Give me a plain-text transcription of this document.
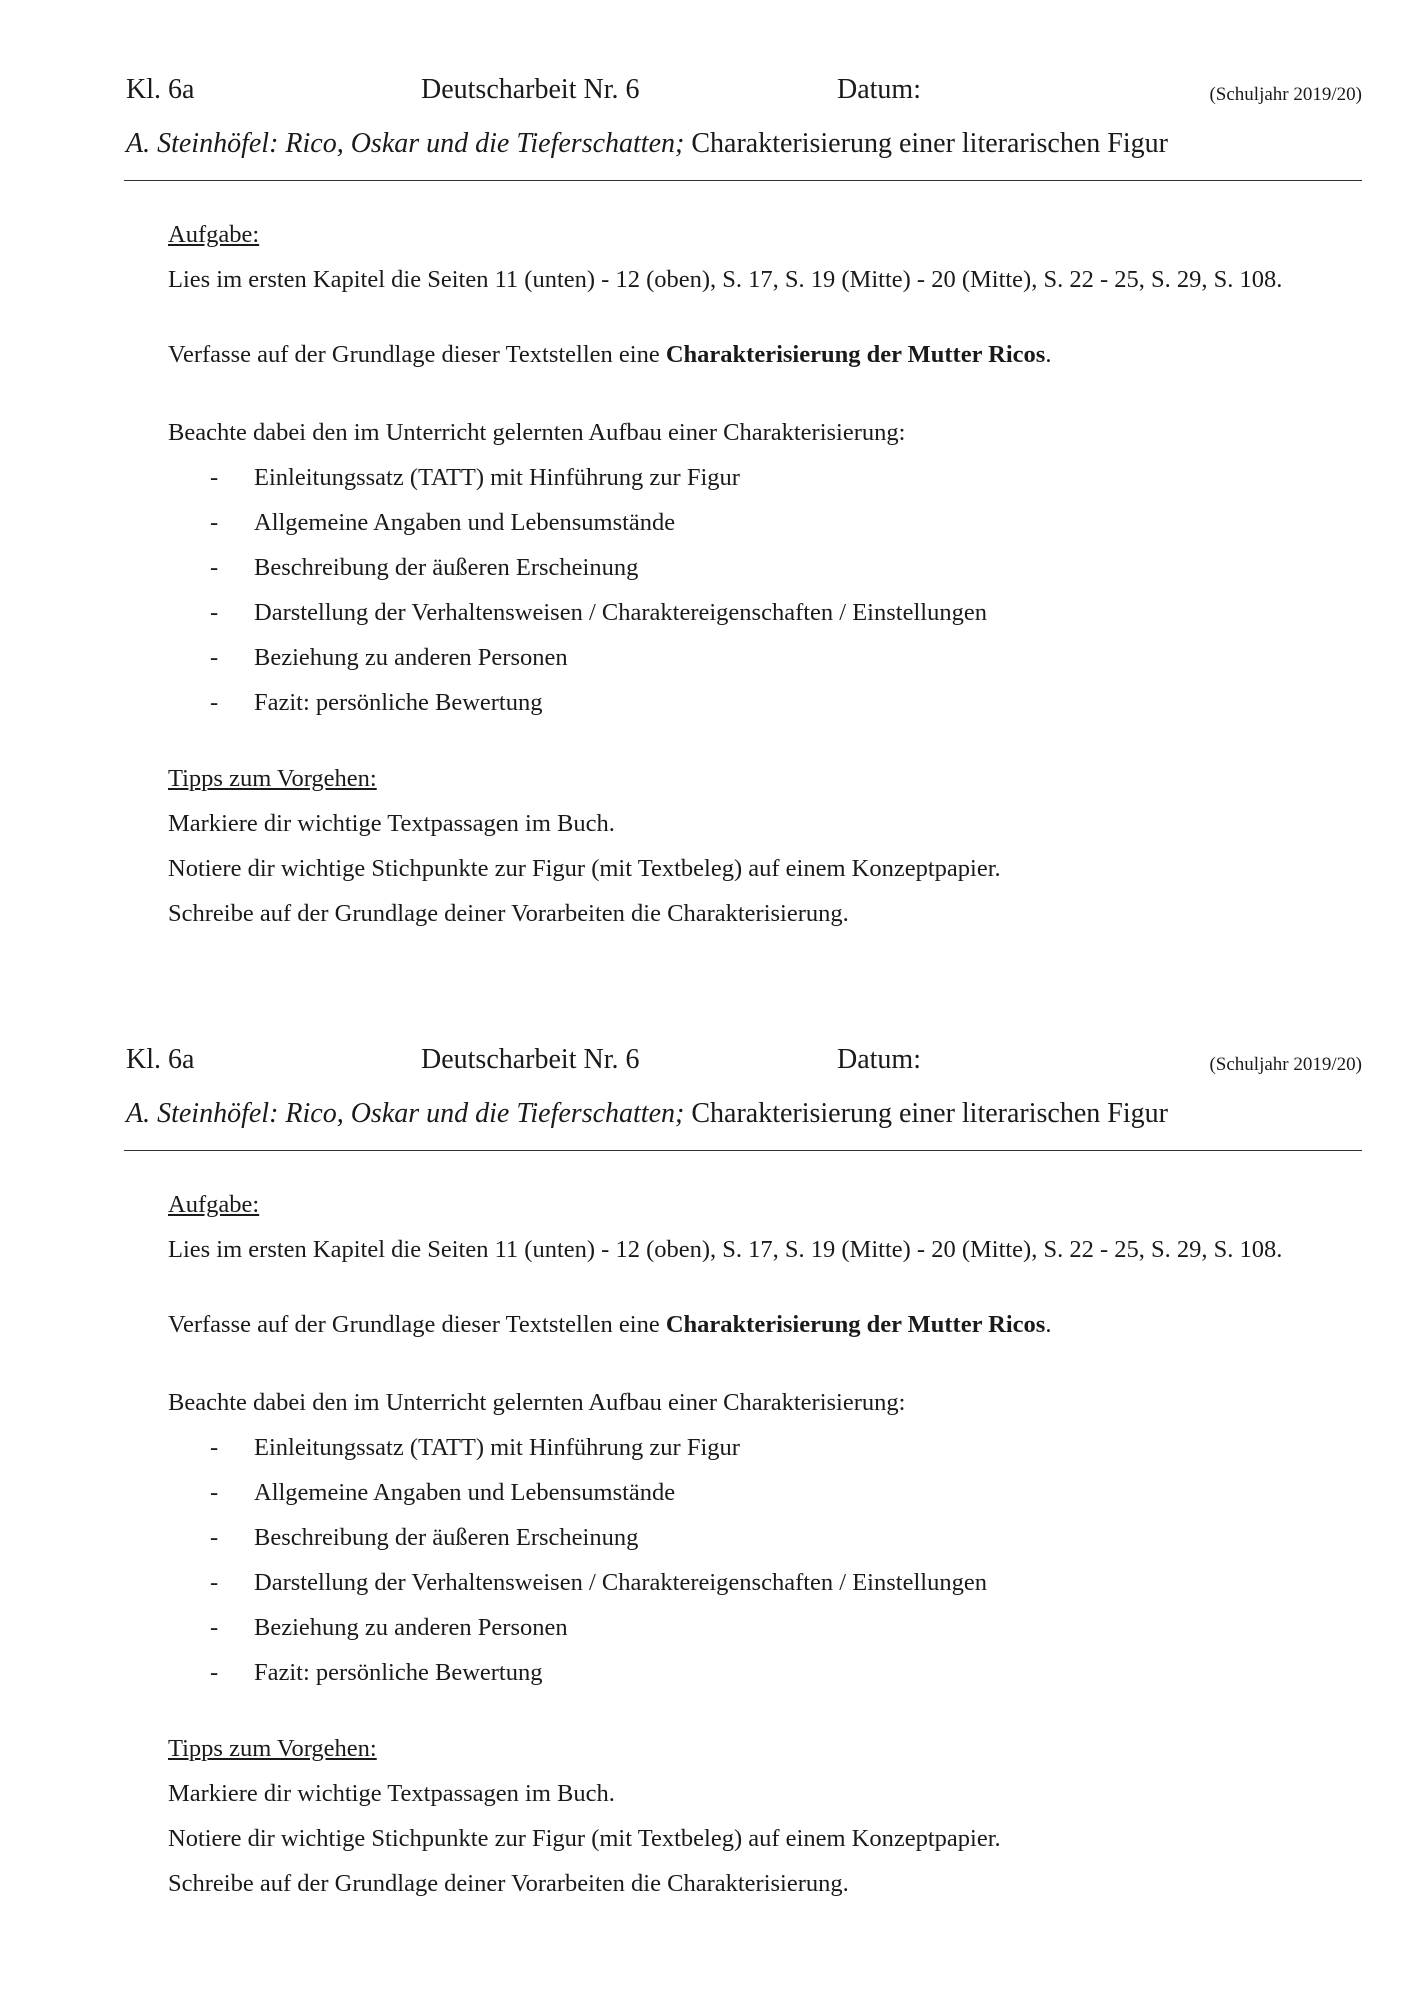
Kl. 6a	Deutscharbeit Nr. 6	Datum:	(Schuljahr 2019/20)
A. Steinhöfel: Rico, Oskar und die Tieferschatten; Charakterisierung einer literarischen Figur

Aufgabe:

Lies im ersten Kapitel die Seiten 11 (unten) - 12 (oben), S. 17, S. 19 (Mitte) - 20 (Mitte), S. 22 - 25, S. 29, S. 108.

Verfasse auf der Grundlage dieser Textstellen eine Charakterisierung der Mutter Ricos.

Beachte dabei den im Unterricht gelernten Aufbau einer Charakterisierung:

- Einleitungssatz (TATT) mit Hinführung zur Figur
- Allgemeine Angaben und Lebensumstände
- Beschreibung der äußeren Erscheinung
- Darstellung der Verhaltensweisen / Charaktereigenschaften / Einstellungen
- Beziehung zu anderen Personen
- Fazit: persönliche Bewertung

Tipps zum Vorgehen:

Markiere dir wichtige Textpassagen im Buch.

Notiere dir wichtige Stichpunkte zur Figur (mit Textbeleg) auf einem Konzeptpapier.

Schreibe auf der Grundlage deiner Vorarbeiten die Charakterisierung.

Kl. 6a	Deutscharbeit Nr. 6	Datum:	(Schuljahr 2019/20)
A. Steinhöfel: Rico, Oskar und die Tieferschatten; Charakterisierung einer literarischen Figur

Aufgabe:

Lies im ersten Kapitel die Seiten 11 (unten) - 12 (oben), S. 17, S. 19 (Mitte) - 20 (Mitte), S. 22 - 25, S. 29, S. 108.

Verfasse auf der Grundlage dieser Textstellen eine Charakterisierung der Mutter Ricos.

Beachte dabei den im Unterricht gelernten Aufbau einer Charakterisierung:

- Einleitungssatz (TATT) mit Hinführung zur Figur
- Allgemeine Angaben und Lebensumstände
- Beschreibung der äußeren Erscheinung
- Darstellung der Verhaltensweisen / Charaktereigenschaften / Einstellungen
- Beziehung zu anderen Personen
- Fazit: persönliche Bewertung

Tipps zum Vorgehen:

Markiere dir wichtige Textpassagen im Buch.

Notiere dir wichtige Stichpunkte zur Figur (mit Textbeleg) auf einem Konzeptpapier.

Schreibe auf der Grundlage deiner Vorarbeiten die Charakterisierung.
